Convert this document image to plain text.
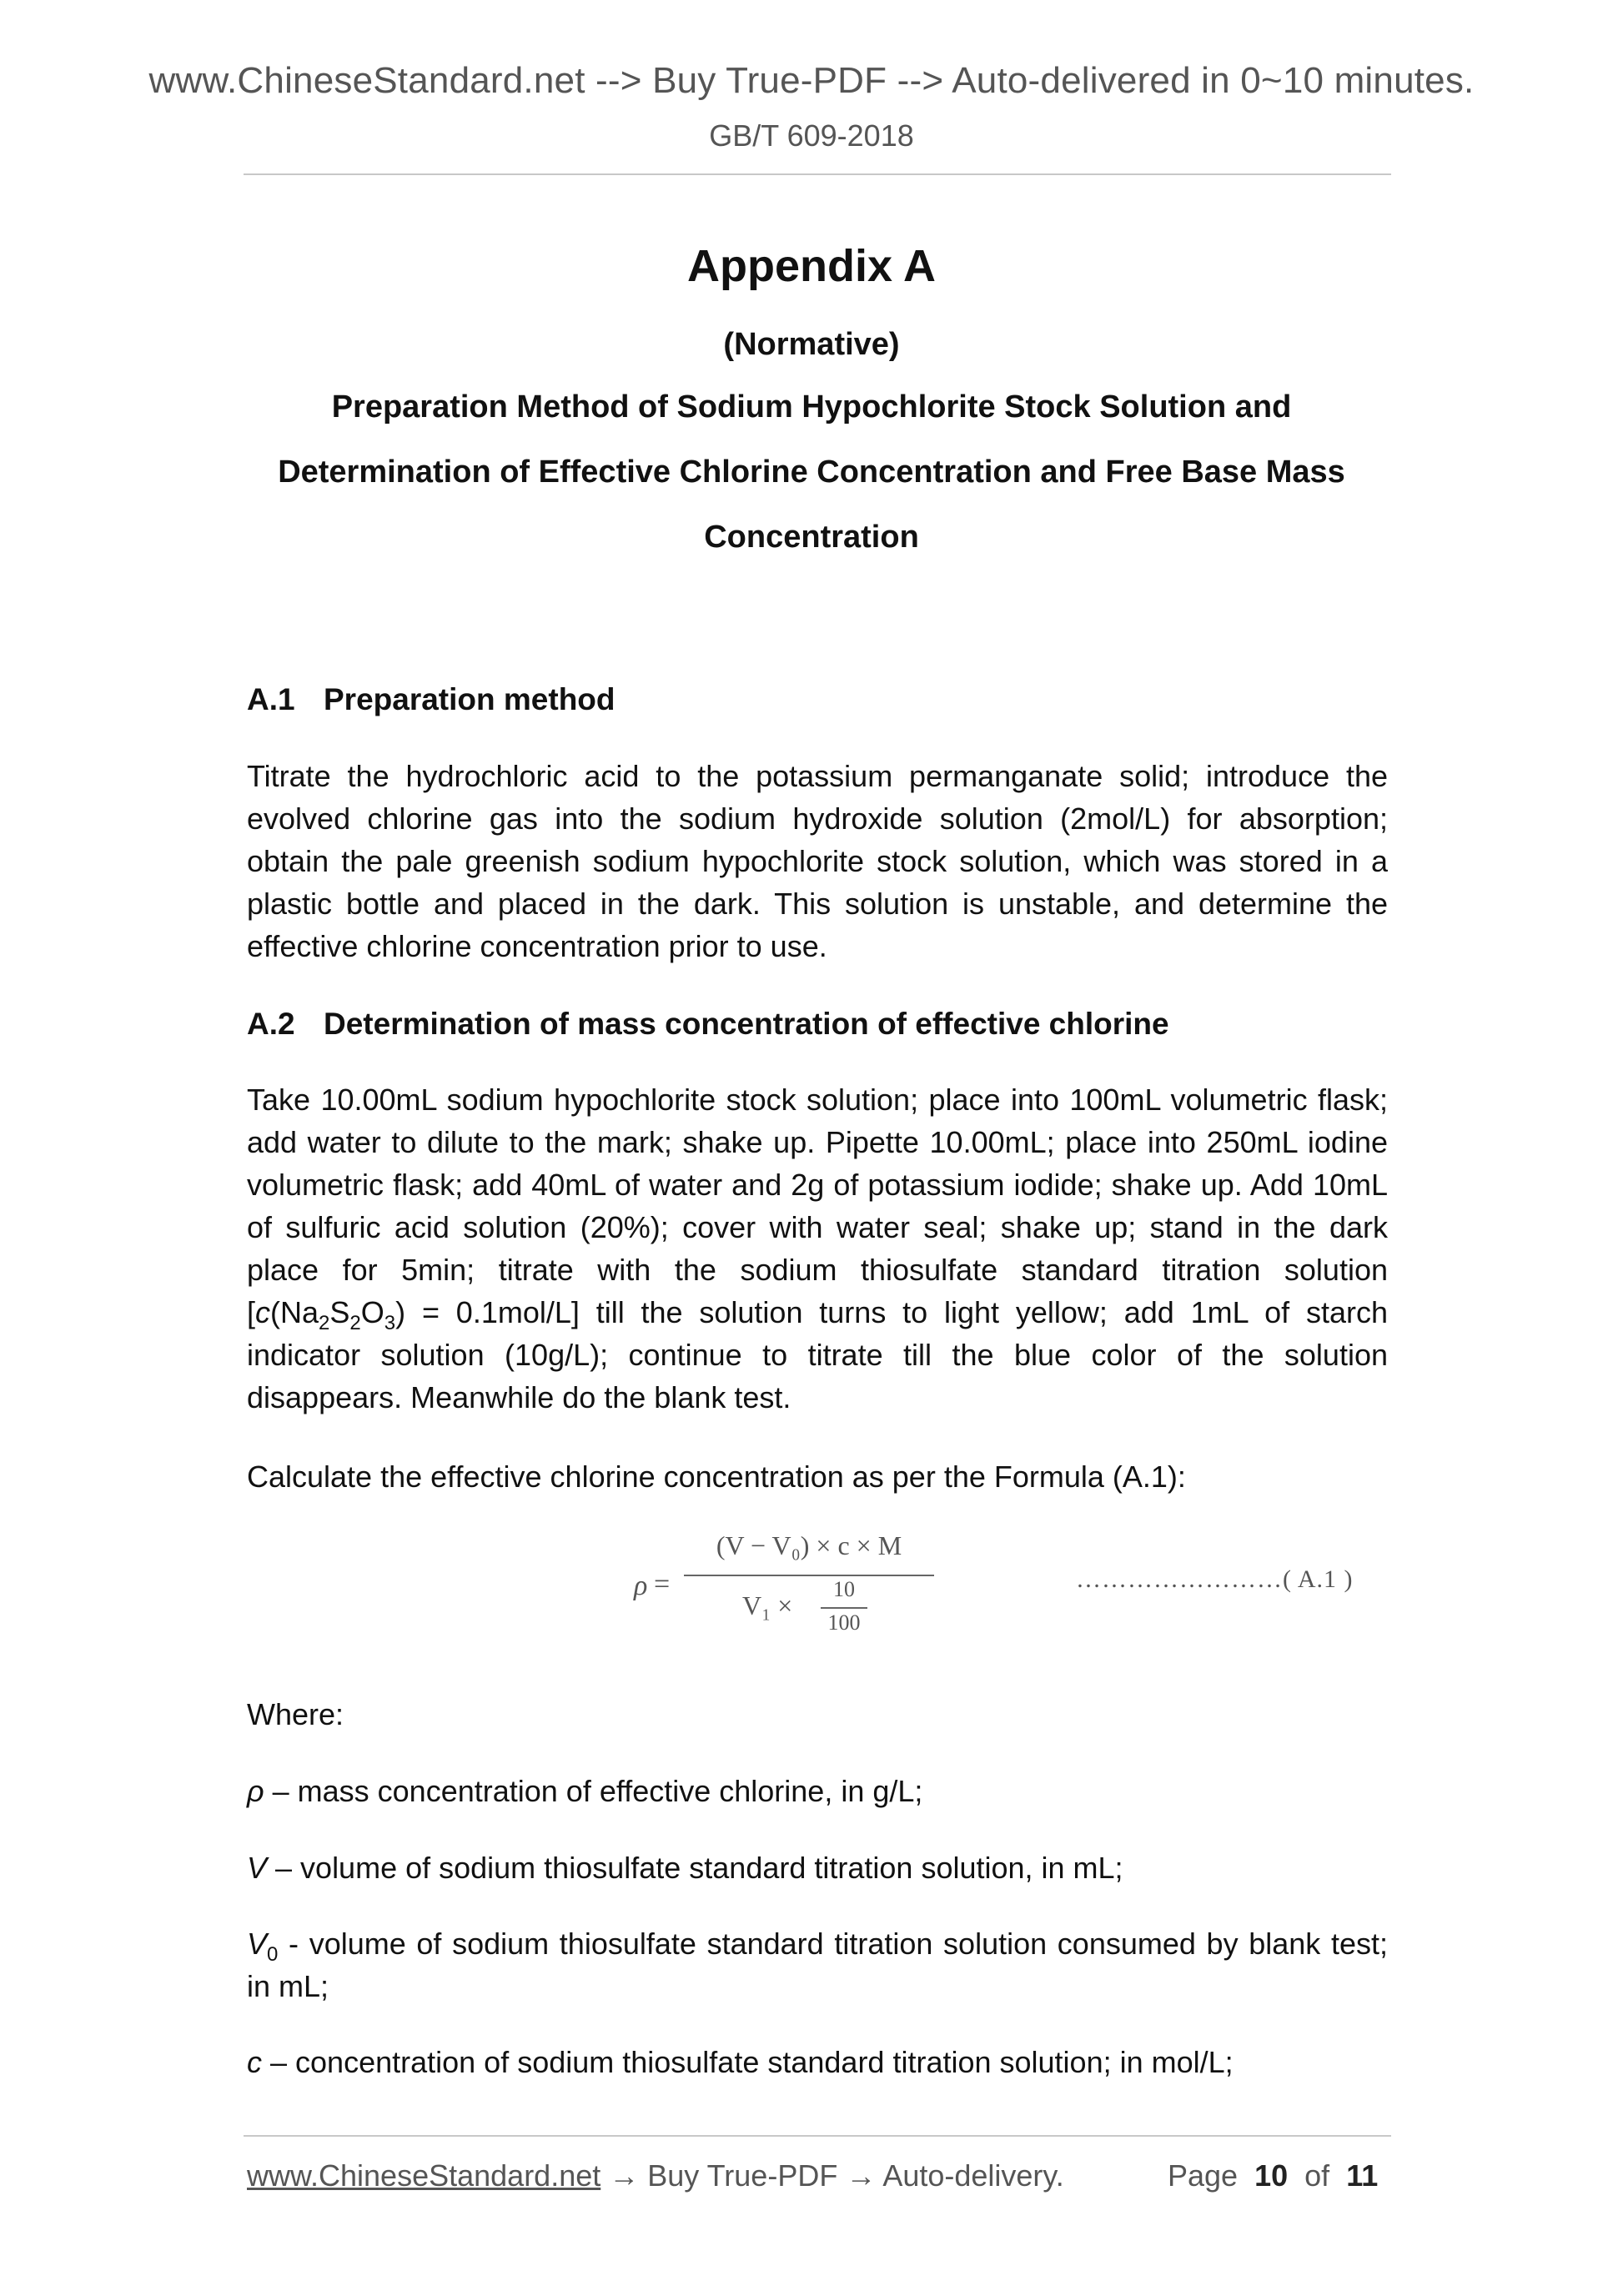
www.ChineseStandard.net --> Buy True-PDF --> Auto-delivered in 0~10 minutes.
GB/T 609-2018
Appendix A
(Normative)
Preparation Method of Sodium Hypochlorite Stock Solution and
Determination of Effective Chlorine Concentration and Free Base Mass
Concentration
A.1 Preparation method
Titrate the hydrochloric acid to the potassium permanganate solid; introduce the evolved chlorine gas into the sodium hydroxide solution (2mol/L) for absorption; obtain the pale greenish sodium hypochlorite stock solution, which was stored in a plastic bottle and placed in the dark. This solution is unstable, and determine the effective chlorine concentration prior to use.
A.2 Determination of mass concentration of effective chlorine
Take 10.00mL sodium hypochlorite stock solution; place into 100mL volumetric flask; add water to dilute to the mark; shake up. Pipette 10.00mL; place into 250mL iodine volumetric flask; add 40mL of water and 2g of potassium iodide; shake up. Add 10mL of sulfuric acid solution (20%); cover with water seal; shake up; stand in the dark place for 5min; titrate with the sodium thiosulfate standard titration solution $[c(Na_2S_2O_3) = 0.1mol/L]$ till the solution turns to light yellow; add 1mL of starch indicator solution (10g/L); continue to titrate till the blue color of the solution disappears. Meanwhile do the blank test.
Calculate the effective chlorine concentration as per the Formula (A.1):
ρ =
(V − V₀) × c × M
V₁ ×
10
100
……………………( A.1 )
Where:
ρ – mass concentration of effective chlorine, in g/L;
V – volume of sodium thiosulfate standard titration solution, in mL;
$V_0$ - volume of sodium thiosulfate standard titration solution consumed by blank test; in mL;
c – concentration of sodium thiosulfate standard titration solution; in mol/L;
www.ChineseStandard.net → Buy True-PDF → Auto-delivery.	Page 10 of 11
